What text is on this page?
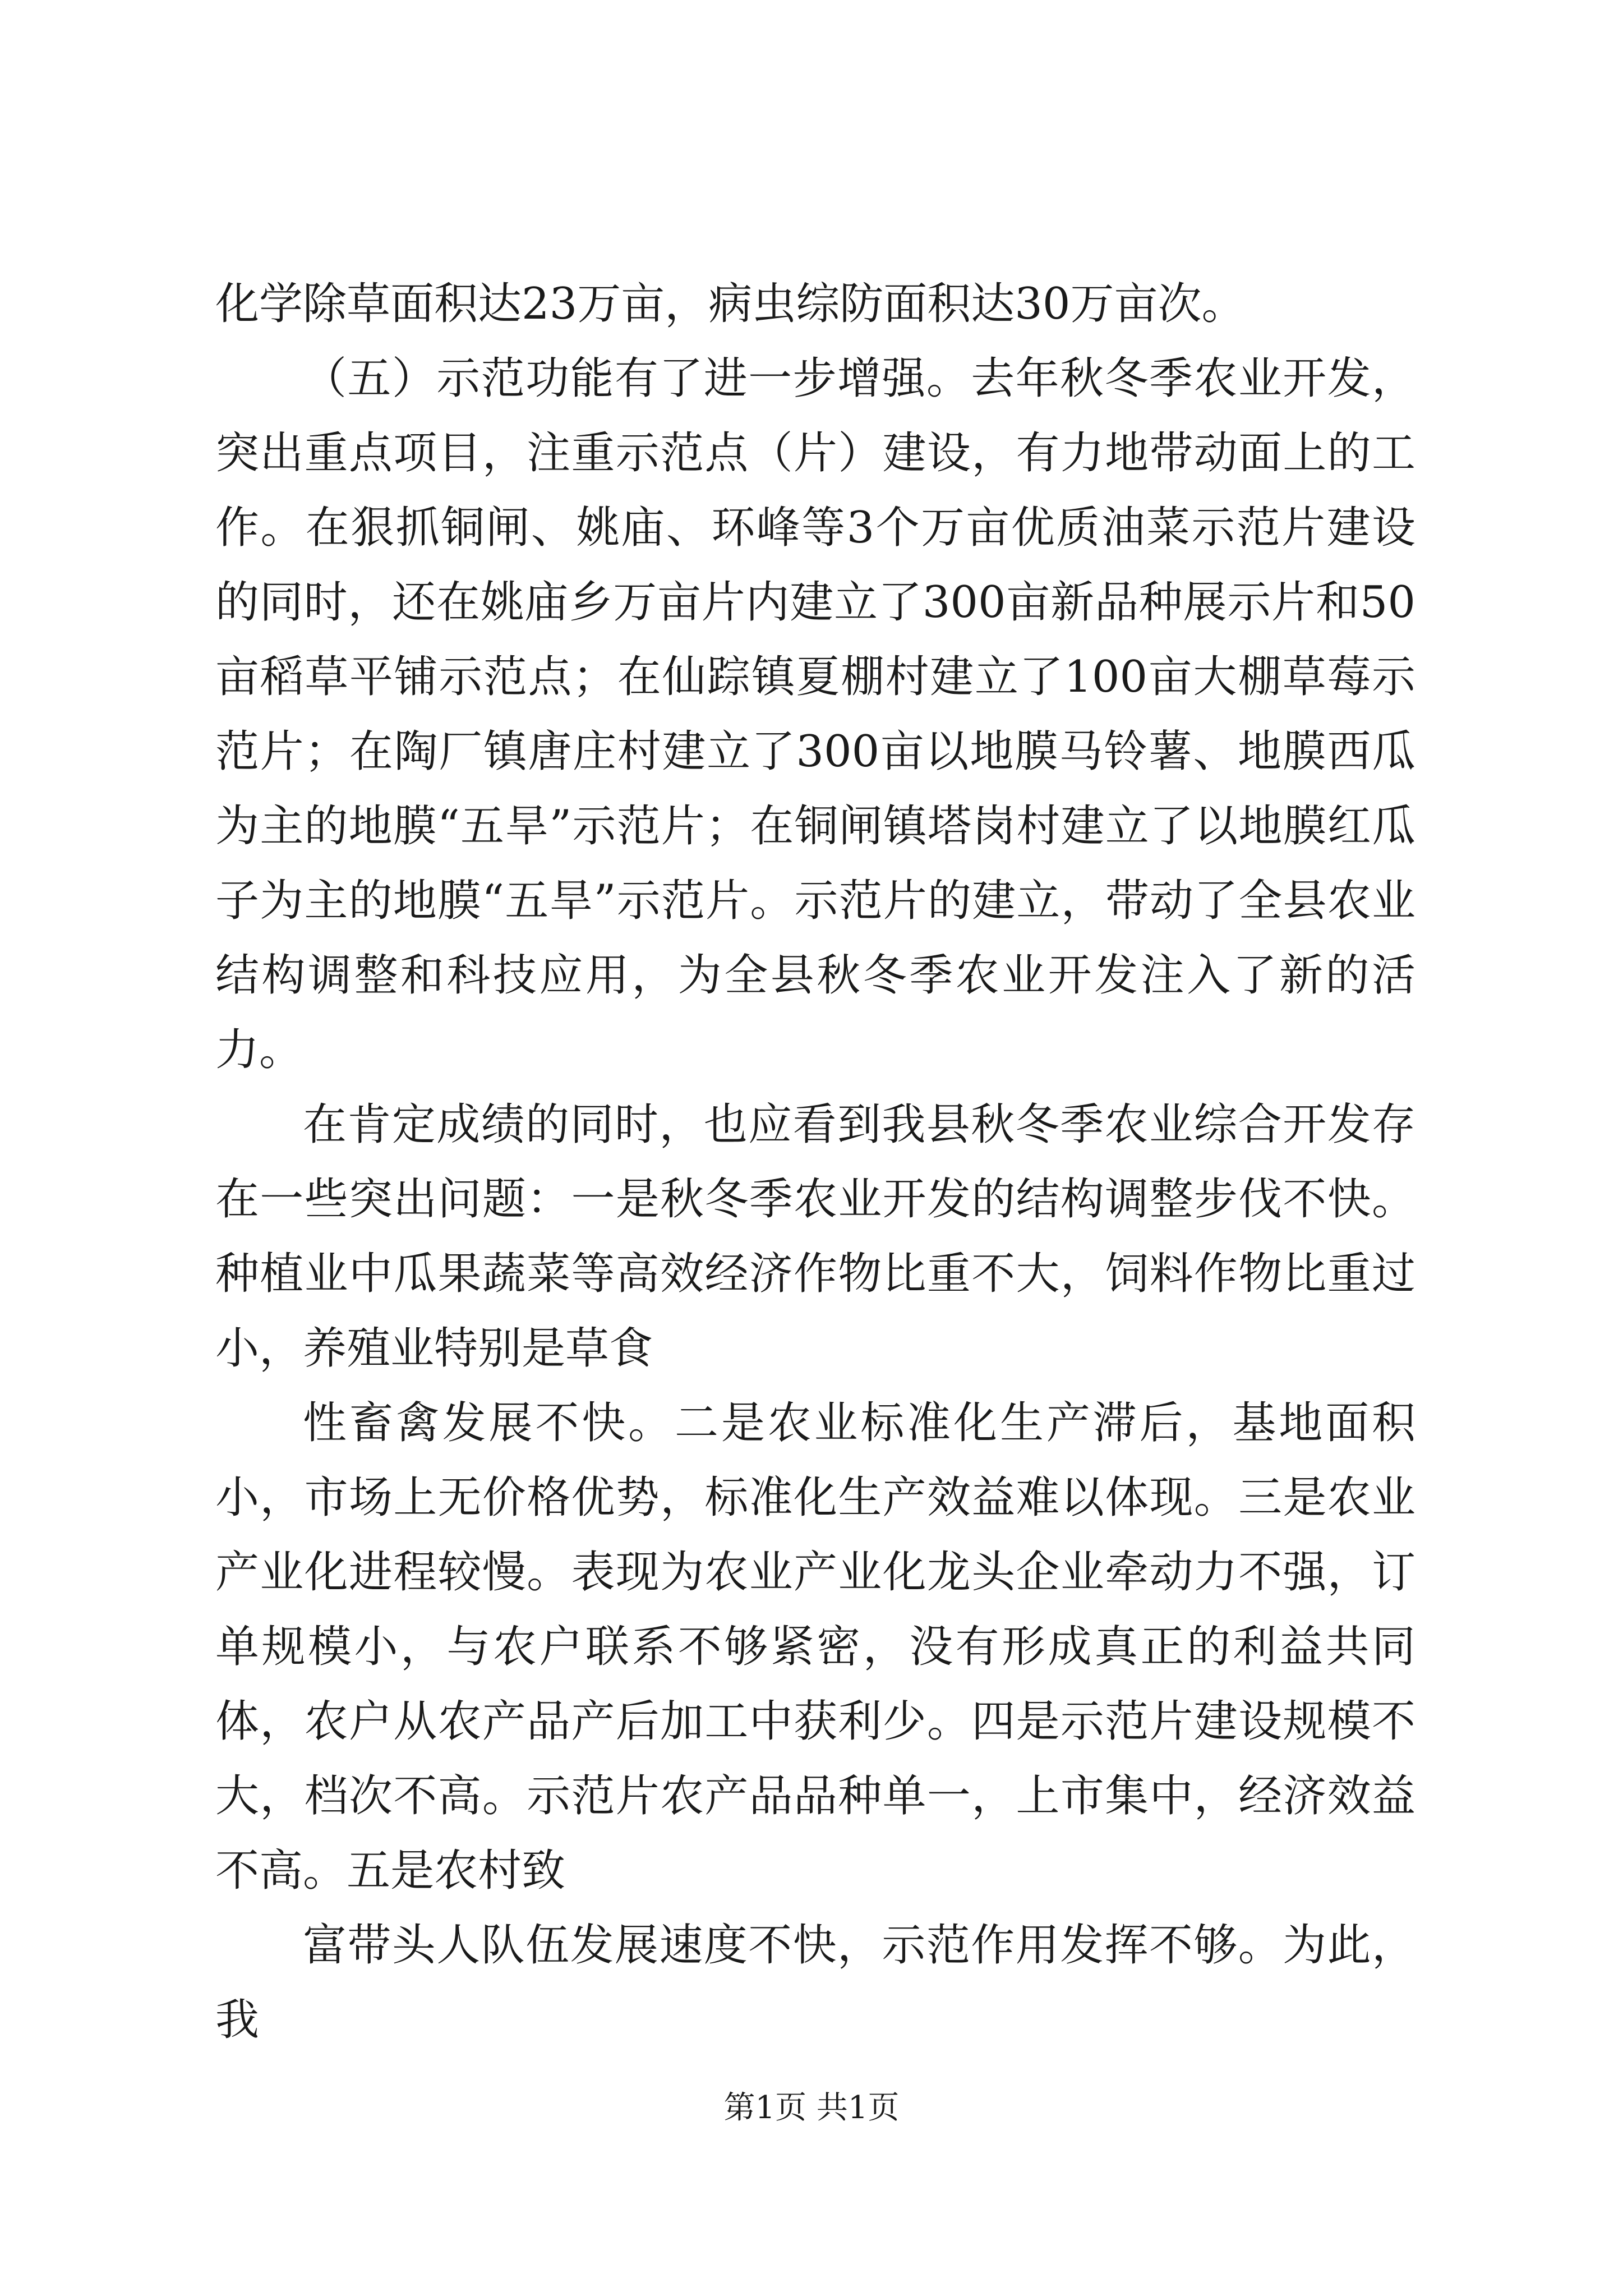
化学除草面积达23万亩，病虫综防面积达30万亩次。

（五）示范功能有了进一步增强。去年秋冬季农业开发，突出重点项目，注重示范点（片）建设，有力地带动面上的工作。在狠抓铜闸、姚庙、环峰等3个万亩优质油菜示范片建设的同时，还在姚庙乡万亩片内建立了300亩新品种展示片和50亩稻草平铺示范点；在仙踪镇夏棚村建立了100亩大棚草莓示范片；在陶厂镇唐庄村建立了300亩以地膜马铃薯、地膜西瓜为主的地膜“五旱”示范片；在铜闸镇塔岗村建立了以地膜红瓜子为主的地膜“五旱”示范片。示范片的建立，带动了全县农业结构调整和科技应用，为全县秋冬季农业开发注入了新的活力。

在肯定成绩的同时，也应看到我县秋冬季农业综合开发存在一些突出问题：一是秋冬季农业开发的结构调整步伐不快。种植业中瓜果蔬菜等高效经济作物比重不大，饲料作物比重过小，养殖业特别是草食

性畜禽发展不快。二是农业标准化生产滞后，基地面积小，市场上无价格优势，标准化生产效益难以体现。三是农业产业化进程较慢。表现为农业产业化龙头企业牵动力不强，订单规模小，与农户联系不够紧密，没有形成真正的利益共同体，农户从农产品产后加工中获利少。四是示范片建设规模不大，档次不高。示范片农产品品种单一，上市集中，经济效益不高。五是农村致

富带头人队伍发展速度不快，示范作用发挥不够。为此，我

第1页 共1页
